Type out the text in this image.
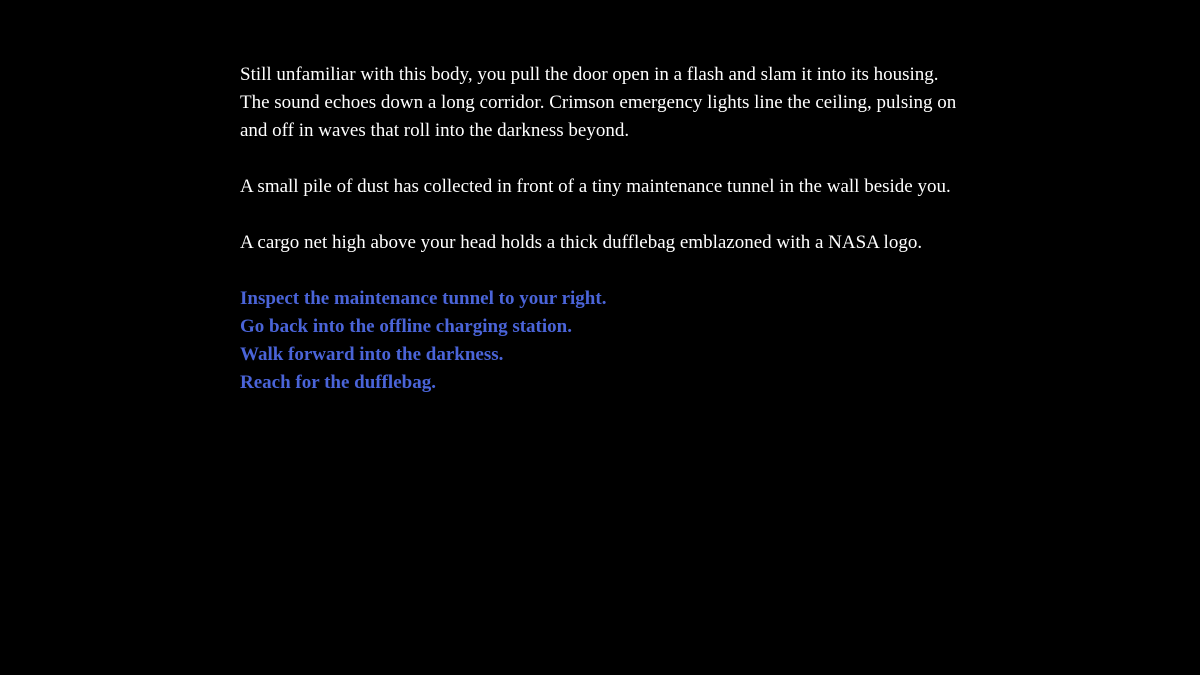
Still unfamiliar with this body, you pull the door open in a flash and slam it into its housing. The sound echoes down a long corridor. Crimson emergency lights line the ceiling, pulsing on and off in waves that roll into the darkness beyond.

A small pile of dust has collected in front of a tiny maintenance tunnel in the wall beside you.

A cargo net high above your head holds a thick dufflebag emblazoned with a NASA logo.

Inspect the maintenance tunnel to your right.
Go back into the offline charging station.
Walk forward into the darkness.
Reach for the dufflebag.
